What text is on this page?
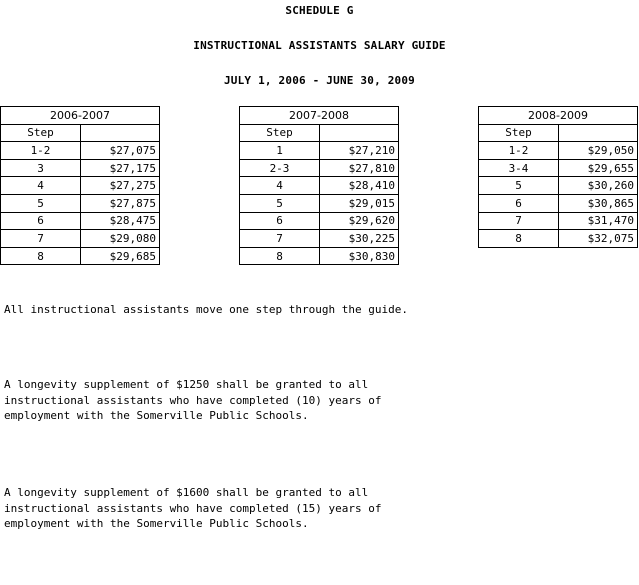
SCHEDULE G
INSTRUCTIONAL ASSISTANTS SALARY GUIDE
JULY 1, 2006 - JUNE 30, 2009
2006-2007	
Step	
1-2	$27,075
3	$27,175
4	$27,275
5	$27,875
6	$28,475
7	$29,080
8	$29,685
2007-2008	
Step	
1	$27,210
2-3	$27,810
4	$28,410
5	$29,015
6	$29,620
7	$30,225
8	$30,830
2008-2009	
Step	
1-2	$29,050
3-4	$29,655
5	$30,260
6	$30,865
7	$31,470
8	$32,075
All instructional assistants move one step through the guide.
A longevity supplement of $1250 shall be granted to all
instructional assistants who have completed (10) years of
employment with the Somerville Public Schools.
A longevity supplement of $1600 shall be granted to all
instructional assistants who have completed (15) years of
employment with the Somerville Public Schools.
